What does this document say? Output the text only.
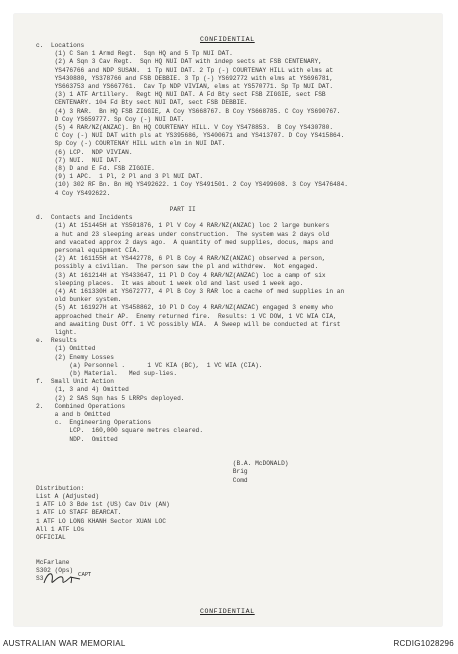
CONFIDENTIAL
c.  Locations
(1) C San 1 Armd Regt.  Sqn HQ and 5 Tp NUI DAT.
(2) A Sqn 3 Cav Regt.  Sqn HQ NUI DAT with indep sects at FSB CENTENARY,
YS476766 and NDP SUSAN.  1 Tp NUI DAT. 2 Tp (-) COURTENAY HILL with elms at
YS430880, YS378766 and FSB DEBBIE. 3 Tp (-) YS692772 with elms at YS696781,
YS663753 and YS667761.  Cav Tp NDP VIVIAN, elms at YS570771. Sp Tp NUI DAT.
(3) 1 ATF Artillery.  Regt HQ NUI DAT. A Fd Bty sect FSB ZIGGIE, sect FSB
CENTENARY. 104 Fd Bty sect NUI DAT, sect FSB DEBBIE.
(4) 3 RAR.  Bn HQ FSB ZIGGIE, A Coy YS668767. B Coy YS668785. C Coy YS690767.
D Coy YS659777. Sp Coy (-) NUI DAT.
(5) 4 RAR/NZ(ANZAC). Bn HQ COURTENAY HILL. V Coy YS478853.  B Coy YS430780.
C Coy (-) NUI DAT with pls at YS395686, YS400671 and YS413707. D Coy YS415864.
Sp Coy (-) COURTENAY HILL with elm in NUI DAT.
(6) LCP.  NDP VIVIAN.
(7) NUI.  NUI DAT.
(8) D and E Fd. FSB ZIGGIE.
(9) 1 APC.  1 Pl, 2 Pl and 3 Pl NUI DAT.
(10) 302 RF Bn. Bn HQ YS492622. 1 Coy YS491501. 2 Coy YS499608. 3 Coy YS476484.
4 Coy YS492622.
PART II
d.  Contacts and Incidents
(1) At 151445H at YS501876, 1 Pl V Coy 4 RAR/NZ(ANZAC) loc 2 large bunkers
a hut and 23 sleeping areas under construction.  The system was 2 days old
and vacated approx 2 days ago.  A quantity of med supplies, docus, maps and
personal equipment CIA.
(2) At 161155H at YS442778, 6 Pl B Coy 4 RAR/NZ(ANZAC) observed a person,
possibly a civilian.  The person saw the pl and withdrew.  Not engaged.
(3) At 161214H at YS433647, 11 Pl D Coy 4 RAR/NZ(ANZAC) loc a camp of six
sleeping places.  It was about 1 week old and last used 1 week ago.
(4) At 161330H at YS672777, 4 Pl B Coy 3 RAR loc a cache of med supplies in an
old bunker system.
(5) At 161927H at YS458862, 10 Pl D Coy 4 RAR/NZ(ANZAC) engaged 3 enemy who
approached their AP.  Enemy returned fire.  Results: 1 VC DOW, 1 VC WIA CIA,
and awaiting Dust Off. 1 VC possibly WIA.  A Sweep will be conducted at first
light.
e.  Results
(1) Omitted
(2) Enemy Losses
(a) Personnel .      1 VC KIA (BC),  1 VC WIA (CIA).
(b) Material.   Med sup-lies.
f.  Small Unit Action
(1, 3 and 4) Omitted
(2) 2 SAS Sqn has 5 LRRPs deployed.
2.   Combined Operations
a and b Omitted
c.  Engineering Operations
LCP.  160,000 square metres cleared.
NDP.  Omitted
(B.A. McDONALD)
Brig
Comd
Distribution:
List A (Adjusted)
1 ATF LO 3 Bde 1st (US) Cav Div (AN)
1 ATF LO STAFF BEARCAT.
1 ATF LO LONG KHANH Sector XUAN LOC
All 1 ATF LOs
OFFICIAL
McFarlane
S302 (Ops)
S3	CAPT
CONFIDENTIAL
AUSTRALIAN WAR MEMORIAL	RCDIG1028296
